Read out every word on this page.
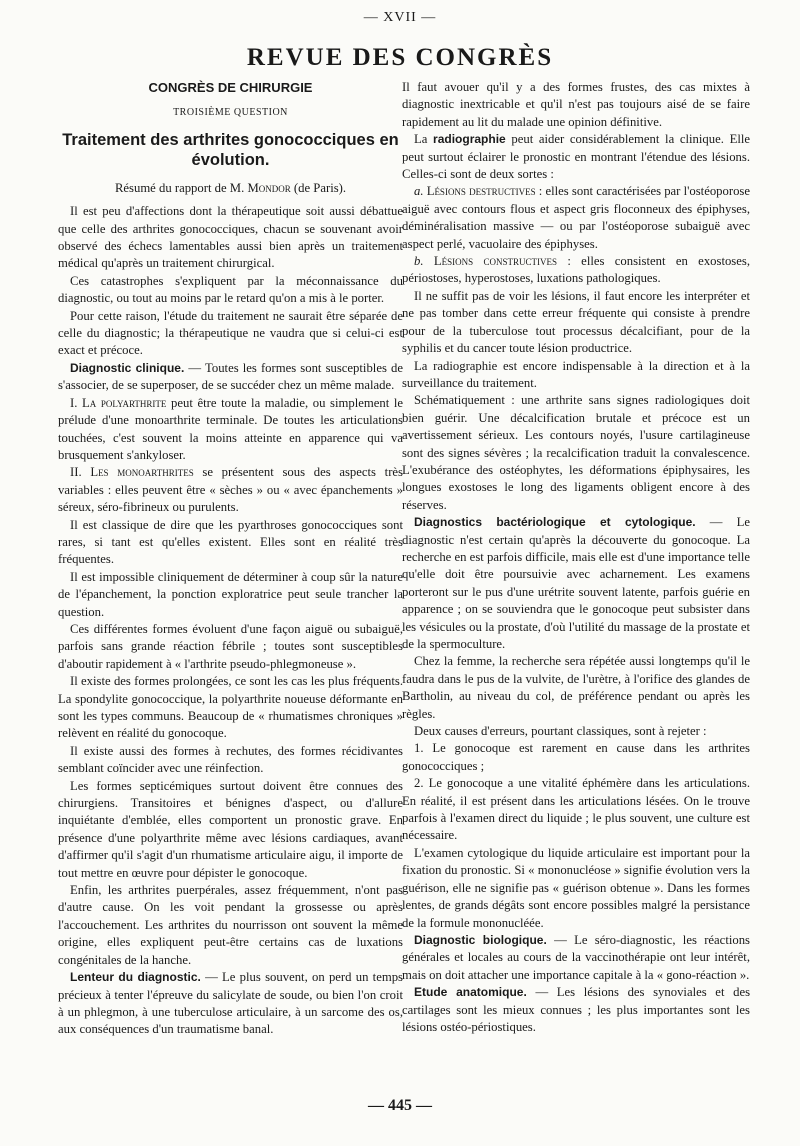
— XVII —
REVUE DES CONGRÈS
CONGRÈS DE CHIRURGIE
TROISIÈME QUESTION
Traitement des arthrites gonococciques en évolution.
Résumé du rapport de M. Mondor (de Paris).

Il est peu d'affections dont la thérapeutique soit aussi débattue que celle des arthrites gonococciques, chacun se souvenant avoir observé des échecs lamentables aussi bien après un traitement médical qu'après un traitement chirurgical.

Ces catastrophes s'expliquent par la méconnaissance du diagnostic, ou tout au moins par le retard qu'on a mis à le porter.

Pour cette raison, l'étude du traitement ne saurait être séparée de celle du diagnostic; la thérapeutique ne vaudra que si celui-ci est exact et précoce.

Diagnostic clinique. — Toutes les formes sont susceptibles de s'associer, de se superposer, de se succéder chez un même malade.

I. La polyarthrite peut être toute la maladie, ou simplement le prélude d'une monoarthrite terminale. De toutes les articulations touchées, c'est souvent la moins atteinte en apparence qui va brusquement s'ankyloser.

II. Les monoarthrites se présentent sous des aspects très variables : elles peuvent être « sèches » ou « avec épanchements » séreux, séro-fibrineux ou purulents.

Il est classique de dire que les pyarthroses gonococciques sont rares, si tant est qu'elles existent. Elles sont en réalité très fréquentes.

Il est impossible cliniquement de déterminer à coup sûr la nature de l'épanchement, la ponction exploratrice peut seule trancher la question.

Ces différentes formes évoluent d'une façon aiguë ou subaiguë, parfois sans grande réaction fébrile ; toutes sont susceptibles d'aboutir rapidement à « l'arthrite pseudo-phlegmoneuse ».

Il existe des formes prolongées, ce sont les cas les plus fréquents. La spondylite gonococcique, la polyarthrite noueuse déformante en sont les types communs. Beaucoup de « rhumatismes chroniques » relèvent en réalité du gonocoque.

Il existe aussi des formes à rechutes, des formes récidivantes semblant coïncider avec une réinfection.

Les formes septicémiques surtout doivent être connues des chirurgiens. Transitoires et bénignes d'aspect, ou d'allure inquiétante d'emblée, elles comportent un pronostic grave. En présence d'une polyarthrite même avec lésions cardiaques, avant d'affirmer qu'il s'agit d'un rhumatisme articulaire aigu, il importe de tout mettre en œuvre pour dépister le gonocoque.

Enfin, les arthrites puerpérales, assez fréquemment, n'ont pas d'autre cause. On les voit pendant la grossesse ou après l'accouchement. Les arthrites du nourrisson ont souvent la même origine, elles expliquent peut-être certains cas de luxations congénitales de la hanche.

Lenteur du diagnostic. — Le plus souvent, on perd un temps précieux à tenter l'épreuve du salicylate de soude, ou bien l'on croit à un phlegmon, à une tuberculose articulaire, à un sarcome des os, aux conséquences d'un traumatisme banal.

Il faut avouer qu'il y a des formes frustes, des cas mixtes à diagnostic inextricable et qu'il n'est pas toujours aisé de se faire rapidement au lit du malade une opinion définitive.

La radiographie peut aider considérablement la clinique. Elle peut surtout éclairer le pronostic en montrant l'étendue des lésions. Celles-ci sont de deux sortes :

a. Lésions destructives : elles sont caractérisées par l'ostéoporose aiguë avec contours flous et aspect gris floconneux des épiphyses, déminéralisation massive — ou par l'ostéoporose subaiguë avec aspect perlé, vacuolaire des épiphyses.

b. Lésions constructives : elles consistent en exostoses, périostoses, hyperostoses, luxations pathologiques.

Il ne suffit pas de voir les lésions, il faut encore les interpréter et ne pas tomber dans cette erreur fréquente qui consiste à prendre pour de la tuberculose tout processus décalcifiant, pour de la syphilis et du cancer toute lésion productrice.

La radiographie est encore indispensable à la direction et à la surveillance du traitement.

Schématiquement : une arthrite sans signes radiologiques doit bien guérir. Une décalcification brutale et précoce est un avertissement sérieux. Les contours noyés, l'usure cartilagineuse sont des signes sévères ; la recalcification traduit la convalescence. L'exubérance des ostéophytes, les déformations épiphysaires, les longues exostoses le long des ligaments obligent encore à des réserves.

Diagnostics bactériologique et cytologique. — Le diagnostic n'est certain qu'après la découverte du gonocoque. La recherche en est parfois difficile, mais elle est d'une importance telle qu'elle doit être poursuivie avec acharnement. Les examens porteront sur le pus d'une urétrite souvent latente, parfois guérie en apparence ; on se souviendra que le gonocoque peut subsister dans les vésicules ou la prostate, d'où l'utilité du massage de la prostate et de la spermoculture.

Chez la femme, la recherche sera répétée aussi longtemps qu'il le faudra dans le pus de la vulvite, de l'urètre, à l'orifice des glandes de Bartholin, au niveau du col, de préférence pendant ou après les règles.

Deux causes d'erreurs, pourtant classiques, sont à rejeter :

1. Le gonocoque est rarement en cause dans les arthrites gonococciques ;

2. Le gonocoque a une vitalité éphémère dans les articulations. En réalité, il est présent dans les articulations lésées. On le trouve parfois à l'examen direct du liquide ; le plus souvent, une culture est nécessaire.

L'examen cytologique du liquide articulaire est important pour la fixation du pronostic. Si « mononucléose » signifie évolution vers la guérison, elle ne signifie pas « guérison obtenue ». Dans les formes lentes, de grands dégâts sont encore possibles malgré la persistance de la formule mononucléée.

Diagnostic biologique. — Le séro-diagnostic, les réactions générales et locales au cours de la vaccinothérapie ont leur intérêt, mais on doit attacher une importance capitale à la « gono-réaction ».

Etude anatomique. — Les lésions des synoviales et des cartilages sont les mieux connues ; les plus importantes sont les lésions ostéo-périostiques.

— 445 —
